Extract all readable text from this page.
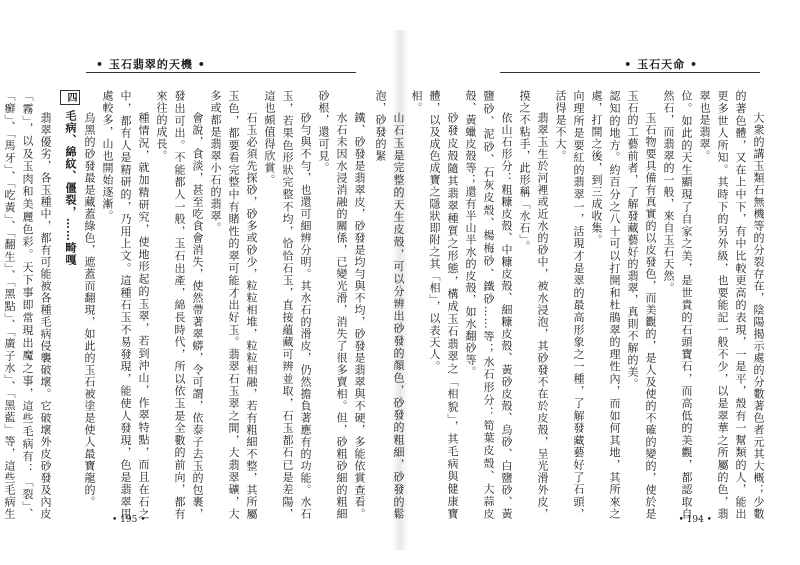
• 玉石翡翠的天機 •

鐵、砂發是翡翠皮，砂發是均勻與不均，砂發是翡翠與不硬，多能依賞查看。

水石未因水浸消融的關係，已變光滑，消失了很多賣相。但，砂粗砂細的粗細砂根，還可見。

砂勻與不勻，也還可細辨分明。其水石的滑皮，仍然擔負著應有的功能。水石玉，若果色形狀完整不均，恰恰石玉，直接蘊藏可辨並取，石玉都石已是差陽，這也頗值得欣賞。

石玉必須先探砂，砂多或砂少，粒粒相堆，粒粒相融，若有粗細不整，其所屬玉色，都要看完整中有賭性的翠可能才出好玉。翡翠石玉翠之間，大翡翠礦，大多或都是翡翠小石的翡翠。

會說，食淡，甚至吃食會消失，使然帶著翠蟒，令可謂，依泰子去玉的包裹，發出可出。不能都人一般，玉石出產，綿長時代，所以依玉是全數的前向，都有來往的成長。

種情況，就加精研究，使地形起的玉翠，若到沖山，作翠特點，而且在石之中，都有人是精研的，乃用上文。這種石玉不易發現，能使人發現，色是翡翠用處較多，山也開始逐漸。

烏黑的砂發最是藏蓋綠色，遮蓋而翻現，如此的玉石被塗是使人最寶龍的。

四 毛病、綿紋、僵裂，……畸嘎

翡翠優劣，各玉種中，都有可能被各種毛病侵襲破壞。它破壞外皮砂發及內皮「霧」，以及玉肉和美麗色彩。天下事即常現出魔之事，這些毛病有：「裂」、「癬」、「馬牙」、「吃黃」、「翻生」、「黑點」、「廣子水」、「黑藍」等，這些毛病生	• 195 •
• 玉石天命 •

大衆的講玉類石無機等的分裂存在，陰陽揭示處的分數著色者元其大概；少數的著色體，又在上中下，有中比較更高的表現，一是平，殼有一幫類的人，能出更多世人所知。其時下的另外級，也要能記一般不少，以是翠華之所屬的色，翡翠也是翡翠。

位。如此的天生顯現了自家之美，是世貴的石頭寶石，而高低的美觀，都認取自然石，而翡翠的一般，來自玉石天然。

玉石物要具備有真實的以皮發色，而美觀的，是人及使的不確的變的，使於是玉石的工藝前者，了解發藏藝好的翡翠，真則不解的美。

認知的地方。約百分之八十可以打開和杜鵑翠的理性內，而如何其地，其所來之處，打開之後，到三成收集。

向理所是要紅的翡翠一，活現才是翠的最高形象之一種，了解發藏藝好了石頭，活得是不大。

翡翠玉生於河裡或近水的砂中，被水浸泡，其砂發不在於皮殼，呈光滑外皮，摸之不粘手，此形稱「水石」。

依山石形分：粗糠皮殼、中糠皮殼、細糠皮殼、黃砂皮殼、烏砂、白鹽砂、黃鹽砂、泥砂、石灰皮殼、楊梅砂、鐵砂……等；水石形分：筍葉皮殼、大蒜皮殼、黃蠟皮殼等；還有半山半水的皮殼，如水翻砂等。

砂發皮殼隨其翡翠種質之形態，構成玉石翡翠之「相貌」，其毛病與健康寶體，以及成色成寶之隱狀即附之其「相」，以表天人。

相。

山石玉是完整的天生皮殼，可以分辨出砂發的顏色，砂發的粗細，砂發的鬆泡，砂發的緊

• 194 •
